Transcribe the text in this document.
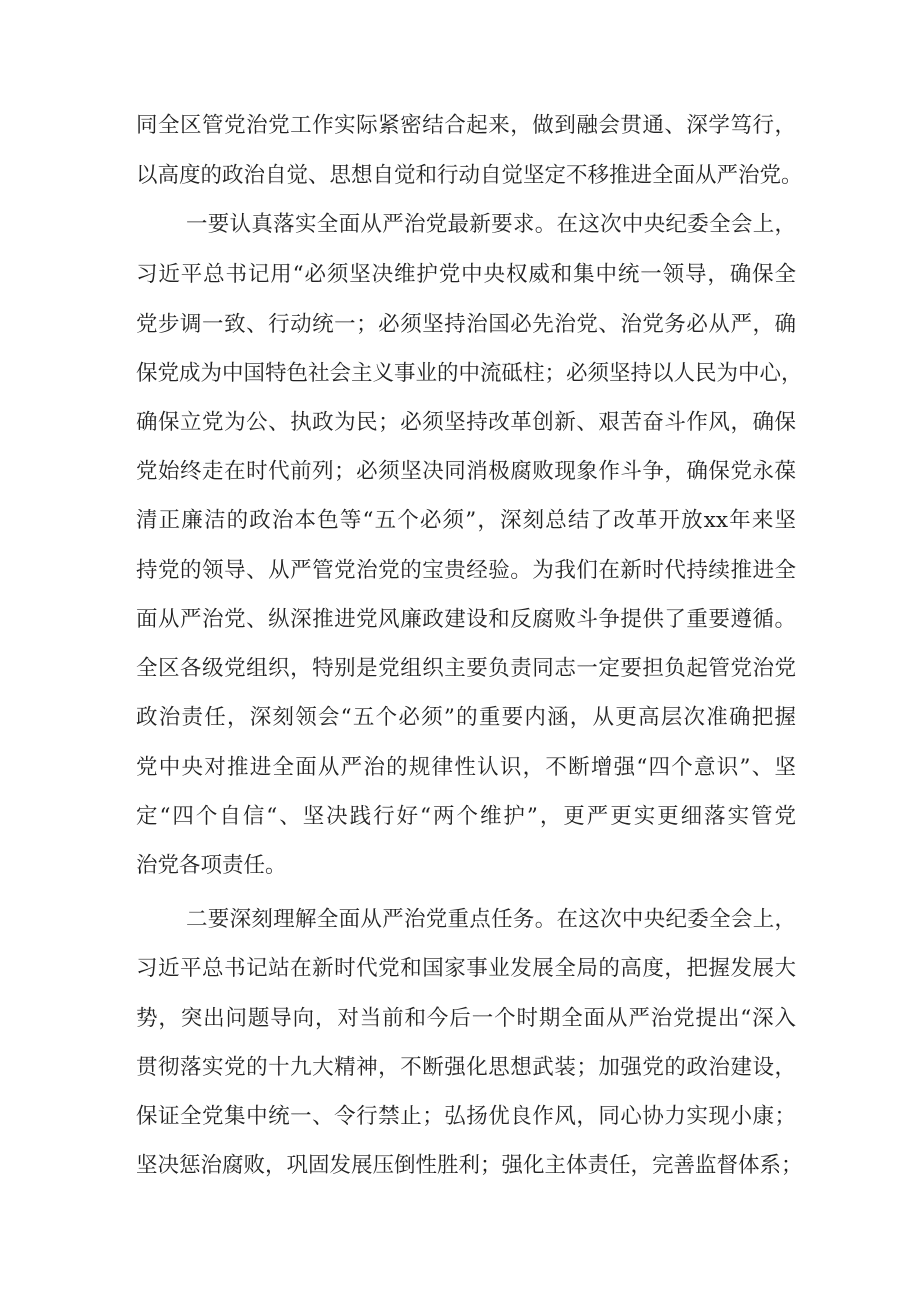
同全区管党治党工作实际紧密结合起来，做到融会贯通、深学笃行，
以高度的政治自觉、思想自觉和行动自觉坚定不移推进全面从严治党。
一要认真落实全面从严治党最新要求。在这次中央纪委全会上，
习近平总书记用“必须坚决维护党中央权威和集中统一领导，确保全
党步调一致、行动统一；必须坚持治国必先治党、治党务必从严，确
保党成为中国特色社会主义事业的中流砥柱；必须坚持以人民为中心，
确保立党为公、执政为民；必须坚持改革创新、艰苦奋斗作风，确保
党始终走在时代前列；必须坚决同消极腐败现象作斗争，确保党永葆
清正廉洁的政治本色等“五个必须”，深刻总结了改革开放xx年来坚
持党的领导、从严管党治党的宝贵经验。为我们在新时代持续推进全
面从严治党、纵深推进党风廉政建设和反腐败斗争提供了重要遵循。
全区各级党组织，特别是党组织主要负责同志一定要担负起管党治党
政治责任，深刻领会“五个必须”的重要内涵，从更高层次准确把握
党中央对推进全面从严治的规律性认识，不断增强“四个意识”、坚
定“四个自信“、坚决践行好“两个维护”，更严更实更细落实管党
治党各项责任。
二要深刻理解全面从严治党重点任务。在这次中央纪委全会上，
习近平总书记站在新时代党和国家事业发展全局的高度，把握发展大
势，突出问题导向，对当前和今后一个时期全面从严治党提出“深入
贯彻落实党的十九大精神，不断强化思想武装；加强党的政治建设，
保证全党集中统一、令行禁止；弘扬优良作风，同心协力实现小康；
坚决惩治腐败，巩固发展压倒性胜利；强化主体责任，完善监督体系；
